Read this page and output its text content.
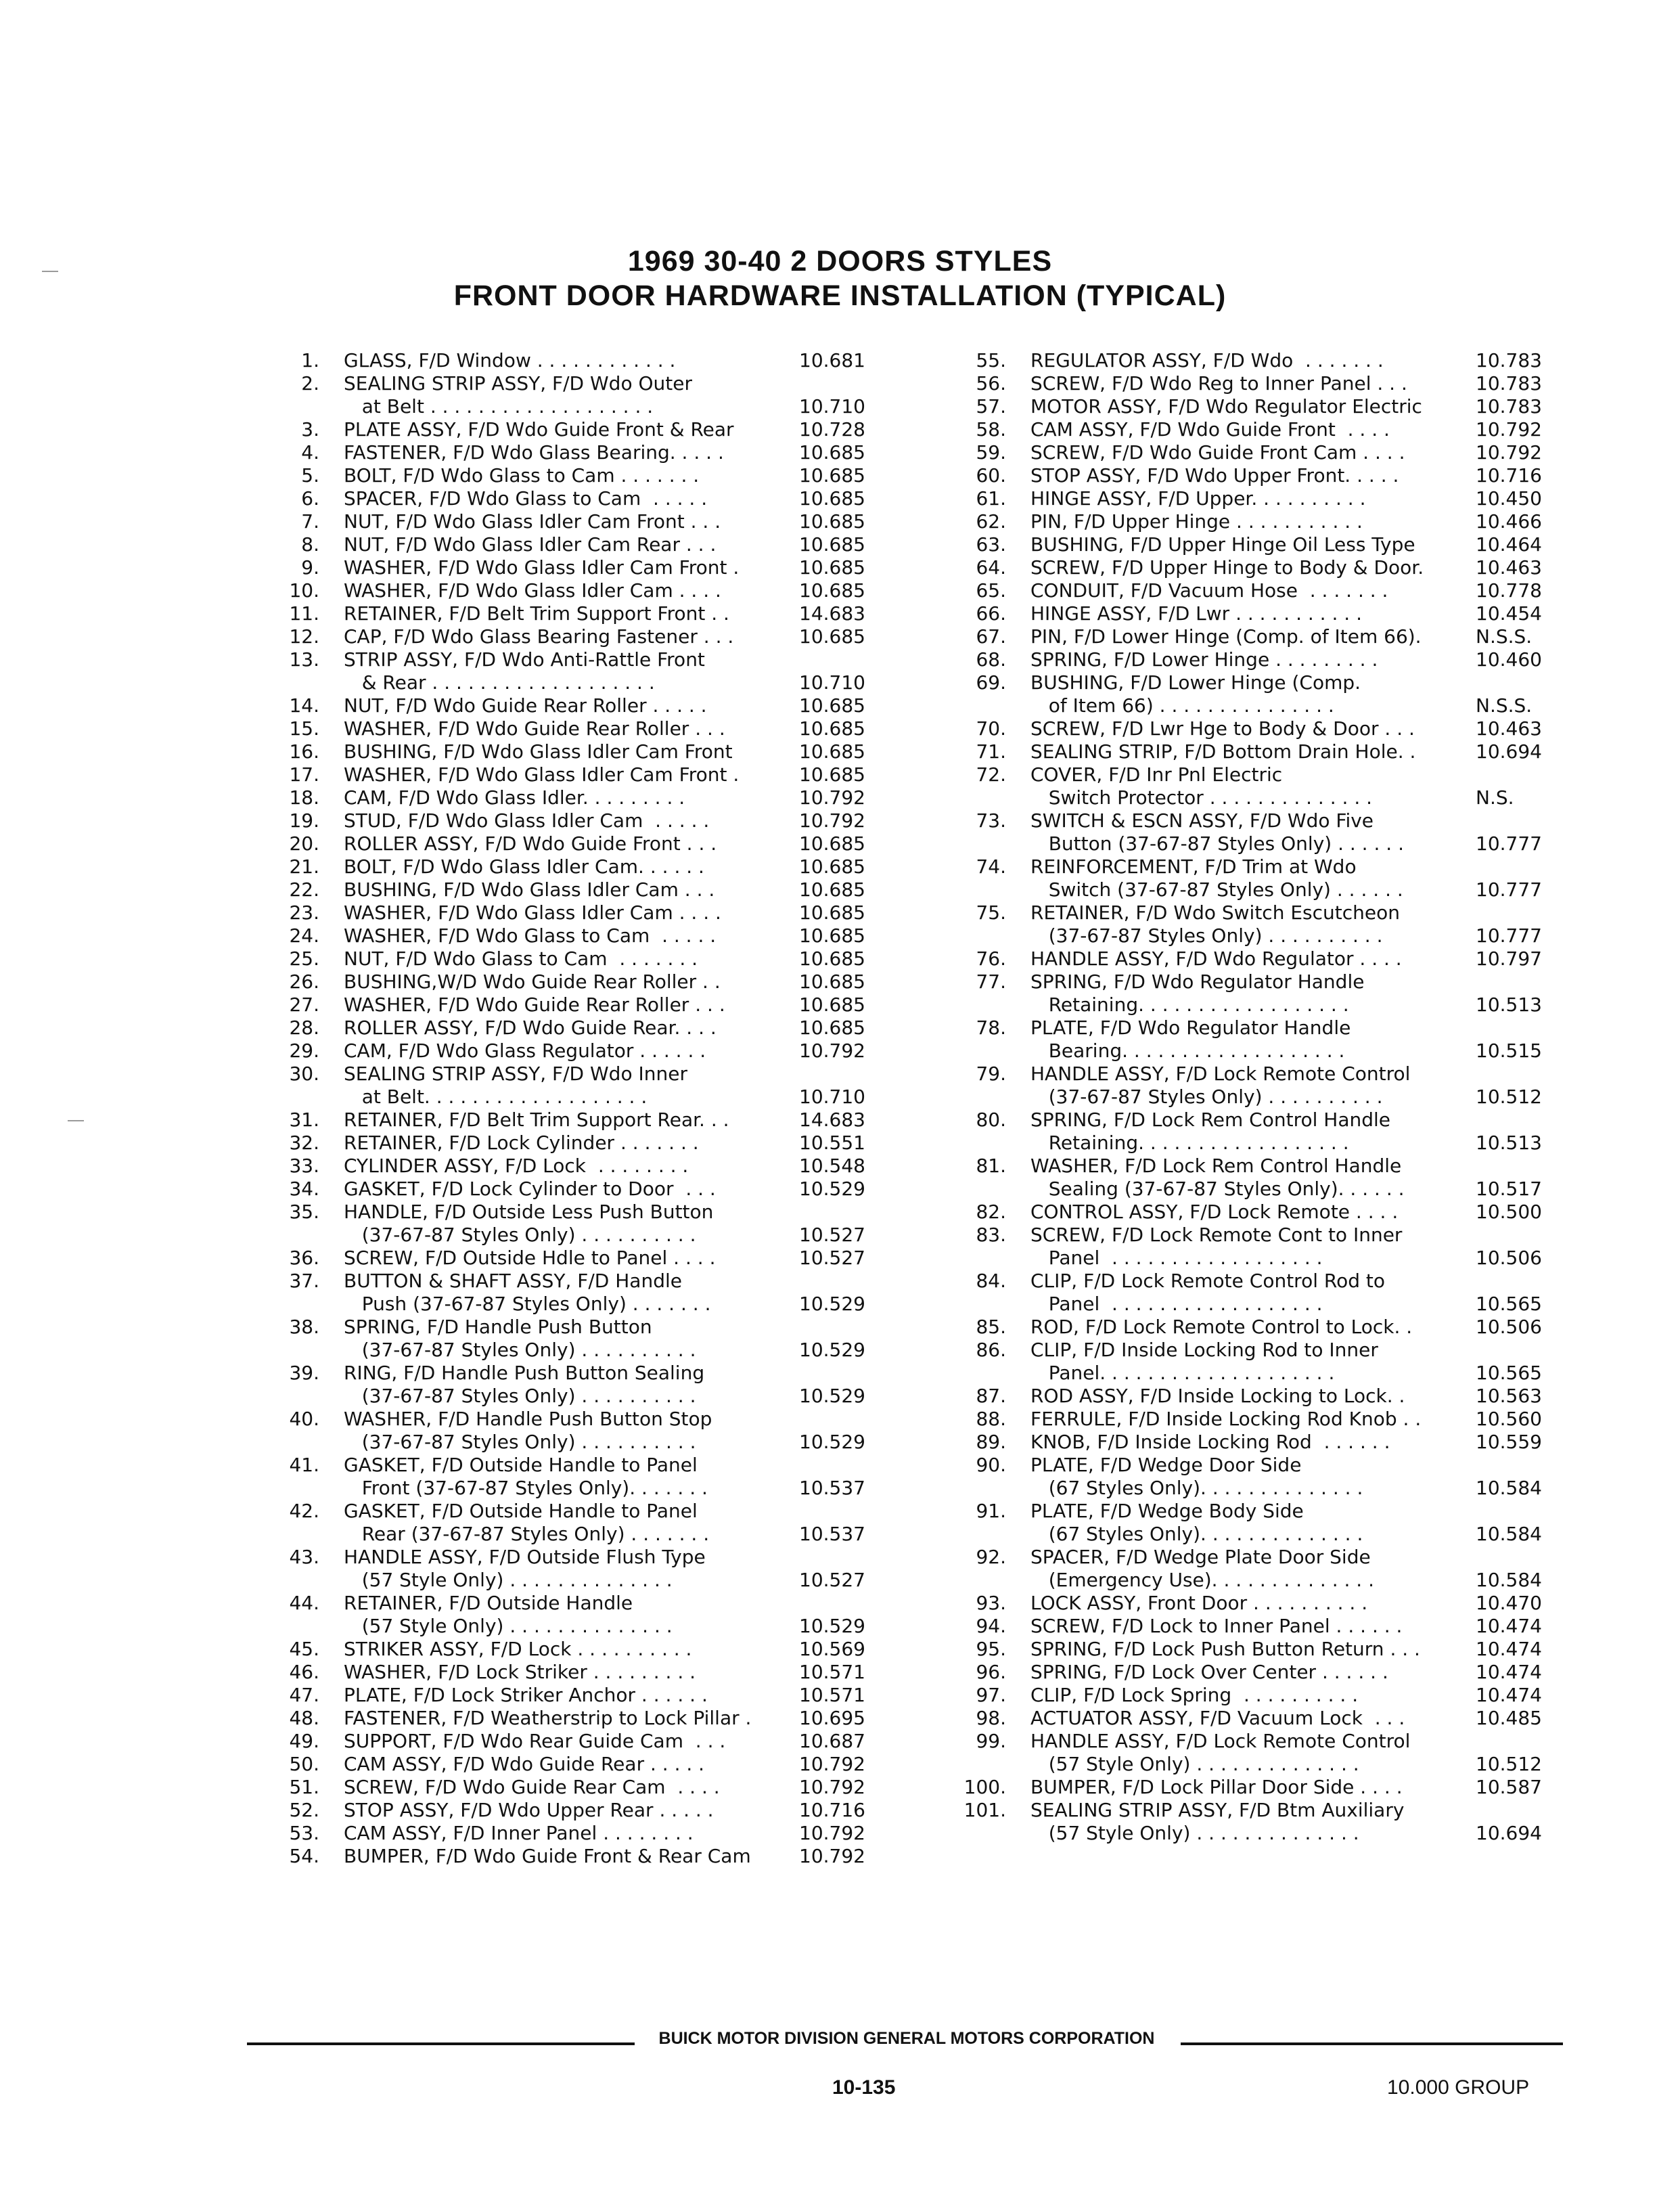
1969 30-40 2 DOORS STYLES
FRONT DOOR HARDWARE INSTALLATION (TYPICAL)
1.	GLASS, F/D Window . . . . . . . . . . . .	10.681
2.	SEALING STRIP ASSY, F/D Wdo Outer
at Belt . . . . . . . . . . . . . . . . . . .	10.710
3.	PLATE ASSY, F/D Wdo Guide Front & Rear	10.728
4.	FASTENER, F/D Wdo Glass Bearing. . . . .	10.685
5.	BOLT, F/D Wdo Glass to Cam . . . . . . .	10.685
6.	SPACER, F/D Wdo Glass to Cam  . . . . .	10.685
7.	NUT, F/D Wdo Glass Idler Cam Front . . .	10.685
8.	NUT, F/D Wdo Glass Idler Cam Rear . . .	10.685
9.	WASHER, F/D Wdo Glass Idler Cam Front .	10.685
10.	WASHER, F/D Wdo Glass Idler Cam . . . .	10.685
11.	RETAINER, F/D Belt Trim Support Front . .	14.683
12.	CAP, F/D Wdo Glass Bearing Fastener . . .	10.685
13.	STRIP ASSY, F/D Wdo Anti-Rattle Front
& Rear . . . . . . . . . . . . . . . . . . .	10.710
14.	NUT, F/D Wdo Guide Rear Roller . . . . .	10.685
15.	WASHER, F/D Wdo Guide Rear Roller . . .	10.685
16.	BUSHING, F/D Wdo Glass Idler Cam Front	10.685
17.	WASHER, F/D Wdo Glass Idler Cam Front .	10.685
18.	CAM, F/D Wdo Glass Idler. . . . . . . . .	10.792
19.	STUD, F/D Wdo Glass Idler Cam  . . . . .	10.792
20.	ROLLER ASSY, F/D Wdo Guide Front . . .	10.685
21.	BOLT, F/D Wdo Glass Idler Cam. . . . . .	10.685
22.	BUSHING, F/D Wdo Glass Idler Cam . . .	10.685
23.	WASHER, F/D Wdo Glass Idler Cam . . . .	10.685
24.	WASHER, F/D Wdo Glass to Cam  . . . . .	10.685
25.	NUT, F/D Wdo Glass to Cam  . . . . . . .	10.685
26.	BUSHING,W/D Wdo Guide Rear Roller . .	10.685
27.	WASHER, F/D Wdo Guide Rear Roller . . .	10.685
28.	ROLLER ASSY, F/D Wdo Guide Rear. . . .	10.685
29.	CAM, F/D Wdo Glass Regulator . . . . . .	10.792
30.	SEALING STRIP ASSY, F/D Wdo Inner
at Belt. . . . . . . . . . . . . . . . . . .	10.710
31.	RETAINER, F/D Belt Trim Support Rear. . .	14.683
32.	RETAINER, F/D Lock Cylinder . . . . . . .	10.551
33.	CYLINDER ASSY, F/D Lock  . . . . . . . .	10.548
34.	GASKET, F/D Lock Cylinder to Door  . . .	10.529
35.	HANDLE, F/D Outside Less Push Button
(37-67-87 Styles Only) . . . . . . . . . .	10.527
36.	SCREW, F/D Outside Hdle to Panel . . . .	10.527
37.	BUTTON & SHAFT ASSY, F/D Handle
Push (37-67-87 Styles Only) . . . . . . .	10.529
38.	SPRING, F/D Handle Push Button
(37-67-87 Styles Only) . . . . . . . . . .	10.529
39.	RING, F/D Handle Push Button Sealing
(37-67-87 Styles Only) . . . . . . . . . .	10.529
40.	WASHER, F/D Handle Push Button Stop
(37-67-87 Styles Only) . . . . . . . . . .	10.529
41.	GASKET, F/D Outside Handle to Panel
Front (37-67-87 Styles Only). . . . . . .	10.537
42.	GASKET, F/D Outside Handle to Panel
Rear (37-67-87 Styles Only) . . . . . . .	10.537
43.	HANDLE ASSY, F/D Outside Flush Type
(57 Style Only) . . . . . . . . . . . . . .	10.527
44.	RETAINER, F/D Outside Handle
(57 Style Only) . . . . . . . . . . . . . .	10.529
45.	STRIKER ASSY, F/D Lock . . . . . . . . . .	10.569
46.	WASHER, F/D Lock Striker . . . . . . . . .	10.571
47.	PLATE, F/D Lock Striker Anchor . . . . . .	10.571
48.	FASTENER, F/D Weatherstrip to Lock Pillar .	10.695
49.	SUPPORT, F/D Wdo Rear Guide Cam  . . .	10.687
50.	CAM ASSY, F/D Wdo Guide Rear . . . . .	10.792
51.	SCREW, F/D Wdo Guide Rear Cam  . . . .	10.792
52.	STOP ASSY, F/D Wdo Upper Rear . . . . .	10.716
53.	CAM ASSY, F/D Inner Panel . . . . . . . .	10.792
54.	BUMPER, F/D Wdo Guide Front & Rear Cam	10.792
55.	REGULATOR ASSY, F/D Wdo  . . . . . . .	10.783
56.	SCREW, F/D Wdo Reg to Inner Panel . . .	10.783
57.	MOTOR ASSY, F/D Wdo Regulator Electric	10.783
58.	CAM ASSY, F/D Wdo Guide Front  . . . .	10.792
59.	SCREW, F/D Wdo Guide Front Cam . . . .	10.792
60.	STOP ASSY, F/D Wdo Upper Front. . . . .	10.716
61.	HINGE ASSY, F/D Upper. . . . . . . . . .	10.450
62.	PIN, F/D Upper Hinge . . . . . . . . . . .	10.466
63.	BUSHING, F/D Upper Hinge Oil Less Type	10.464
64.	SCREW, F/D Upper Hinge to Body & Door.	10.463
65.	CONDUIT, F/D Vacuum Hose  . . . . . . .	10.778
66.	HINGE ASSY, F/D Lwr . . . . . . . . . . .	10.454
67.	PIN, F/D Lower Hinge (Comp. of Item 66).	N.S.S.
68.	SPRING, F/D Lower Hinge . . . . . . . . .	10.460
69.	BUSHING, F/D Lower Hinge (Comp.
of Item 66) . . . . . . . . . . . . . . .	N.S.S.
70.	SCREW, F/D Lwr Hge to Body & Door . . .	10.463
71.	SEALING STRIP, F/D Bottom Drain Hole. .	10.694
72.	COVER, F/D Inr Pnl Electric
Switch Protector . . . . . . . . . . . . . .	N.S.
73.	SWITCH & ESCN ASSY, F/D Wdo Five
Button (37-67-87 Styles Only) . . . . . .	10.777
74.	REINFORCEMENT, F/D Trim at Wdo
Switch (37-67-87 Styles Only) . . . . . .	10.777
75.	RETAINER, F/D Wdo Switch Escutcheon
(37-67-87 Styles Only) . . . . . . . . . .	10.777
76.	HANDLE ASSY, F/D Wdo Regulator . . . .	10.797
77.	SPRING, F/D Wdo Regulator Handle
Retaining. . . . . . . . . . . . . . . . . .	10.513
78.	PLATE, F/D Wdo Regulator Handle
Bearing. . . . . . . . . . . . . . . . . . .	10.515
79.	HANDLE ASSY, F/D Lock Remote Control
(37-67-87 Styles Only) . . . . . . . . . .	10.512
80.	SPRING, F/D Lock Rem Control Handle
Retaining. . . . . . . . . . . . . . . . . .	10.513
81.	WASHER, F/D Lock Rem Control Handle
Sealing (37-67-87 Styles Only). . . . . .	10.517
82.	CONTROL ASSY, F/D Lock Remote . . . .	10.500
83.	SCREW, F/D Lock Remote Cont to Inner
Panel  . . . . . . . . . . . . . . . . . .	10.506
84.	CLIP, F/D Lock Remote Control Rod to
Panel  . . . . . . . . . . . . . . . . . .	10.565
85.	ROD, F/D Lock Remote Control to Lock. .	10.506
86.	CLIP, F/D Inside Locking Rod to Inner
Panel. . . . . . . . . . . . . . . . . . . .	10.565
87.	ROD ASSY, F/D Inside Locking to Lock. .	10.563
88.	FERRULE, F/D Inside Locking Rod Knob . .	10.560
89.	KNOB, F/D Inside Locking Rod  . . . . . .	10.559
90.	PLATE, F/D Wedge Door Side
(67 Styles Only). . . . . . . . . . . . . .	10.584
91.	PLATE, F/D Wedge Body Side
(67 Styles Only). . . . . . . . . . . . . .	10.584
92.	SPACER, F/D Wedge Plate Door Side
(Emergency Use). . . . . . . . . . . . . .	10.584
93.	LOCK ASSY, Front Door . . . . . . . . . .	10.470
94.	SCREW, F/D Lock to Inner Panel . . . . . .	10.474
95.	SPRING, F/D Lock Push Button Return . . .	10.474
96.	SPRING, F/D Lock Over Center . . . . . .	10.474
97.	CLIP, F/D Lock Spring  . . . . . . . . . .	10.474
98.	ACTUATOR ASSY, F/D Vacuum Lock  . . .	10.485
99.	HANDLE ASSY, F/D Lock Remote Control
(57 Style Only) . . . . . . . . . . . . . .	10.512
100.	BUMPER, F/D Lock Pillar Door Side . . . .	10.587
101.	SEALING STRIP ASSY, F/D Btm Auxiliary
(57 Style Only) . . . . . . . . . . . . . .	10.694
BUICK MOTOR DIVISION GENERAL MOTORS CORPORATION
10-135	10.000 GROUP
